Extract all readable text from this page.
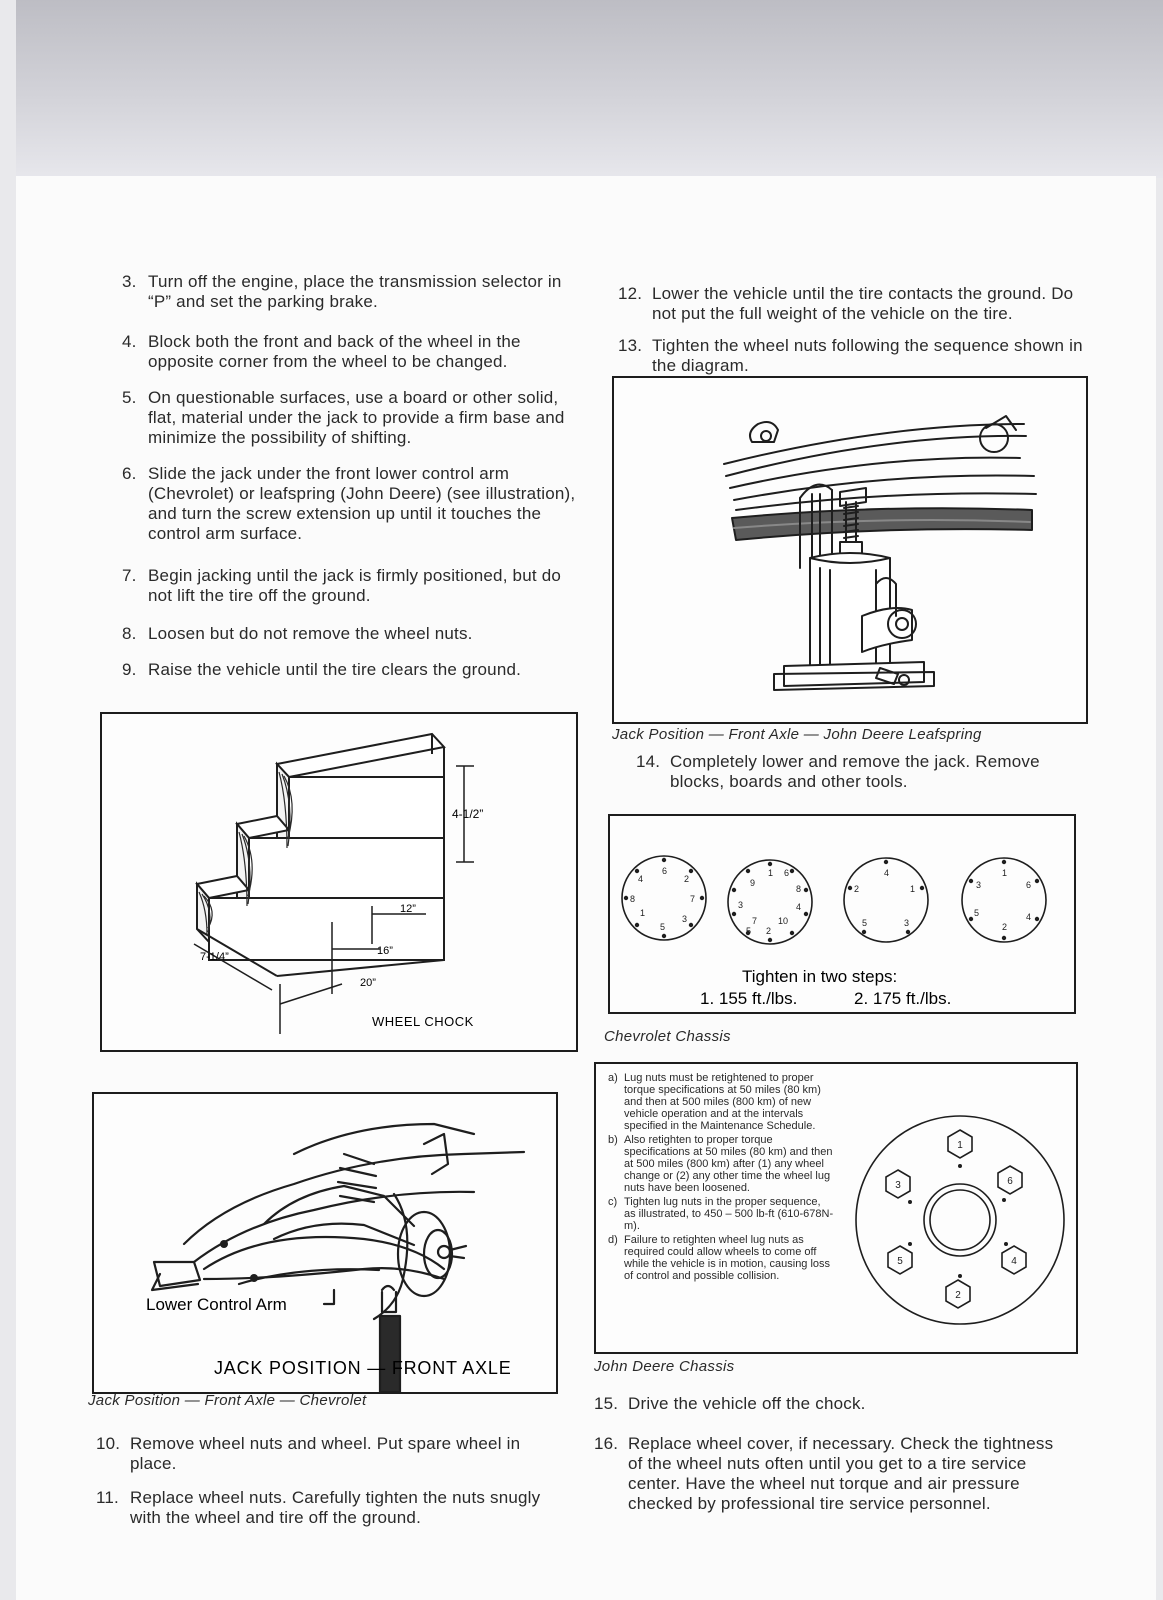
3. Turn off the engine, place the transmission selector in “P” and set the parking brake.
4. Block both the front and back of the wheel in the opposite corner from the wheel to be changed.
5. On questionable surfaces, use a board or other solid, flat, material under the jack to provide a firm base and minimize the possibility of shifting.
6. Slide the jack under the front lower control arm (Chevrolet) or leafspring (John Deere) (see illustration), and turn the screw extension up until it touches the control arm surface.
7. Begin jacking until the jack is firmly positioned, but do not lift the tire off the ground.
8. Loosen but do not remove the wheel nuts.
9. Raise the vehicle until the tire clears the ground.
4-1/2”
12”
16”
20”
7-1/4”
WHEEL CHOCK
Lower Control Arm
JACK POSITION — FRONT AXLE
Jack Position — Front Axle — Chevrolet
10. Remove wheel nuts and wheel. Put spare wheel in place.
11. Replace wheel nuts. Carefully tighten the nuts snugly with the wheel and tire off the ground.
12. Lower the vehicle until the tire contacts the ground. Do not put the full weight of the vehicle on the tire.
13. Tighten the wheel nuts following the sequence shown in the diagram.
Jack Position — Front Axle — John Deere Leafspring
14. Completely lower and remove the jack. Remove blocks, boards and other tools.
6
2
7
3
5
1
8
4
1 6
8
4
10
2
5
7
3
9
4
1
3
5
2
1
6
4
2
5
3
Tighten in two steps:
1. 155 ft./lbs.	2. 175 ft./lbs.
Chevrolet Chassis

a) Lug nuts must be retightened to proper torque specifications at 50 miles (80 km) and then at 500 miles (800 km) of new vehicle operation and at the intervals specified in the Maintenance Schedule.

b) Also retighten to proper torque specifications at 50 miles (80 km) and then at 500 miles (800 km) after (1) any wheel change or (2) any other time the wheel lug nuts have been loosened.

c) Tighten lug nuts in the proper sequence, as illustrated, to 450 – 500 lb-ft (610-678N-m).

d) Failure to retighten wheel lug nuts as required could allow wheels to come off while the vehicle is in motion, causing loss of control and possible collision.

1
6
4
2
5
3
John Deere Chassis
15. Drive the vehicle off the chock.
16. Replace wheel cover, if necessary. Check the tightness of the wheel nuts often until you get to a tire service center. Have the wheel nut torque and air pressure checked by professional tire service personnel.
